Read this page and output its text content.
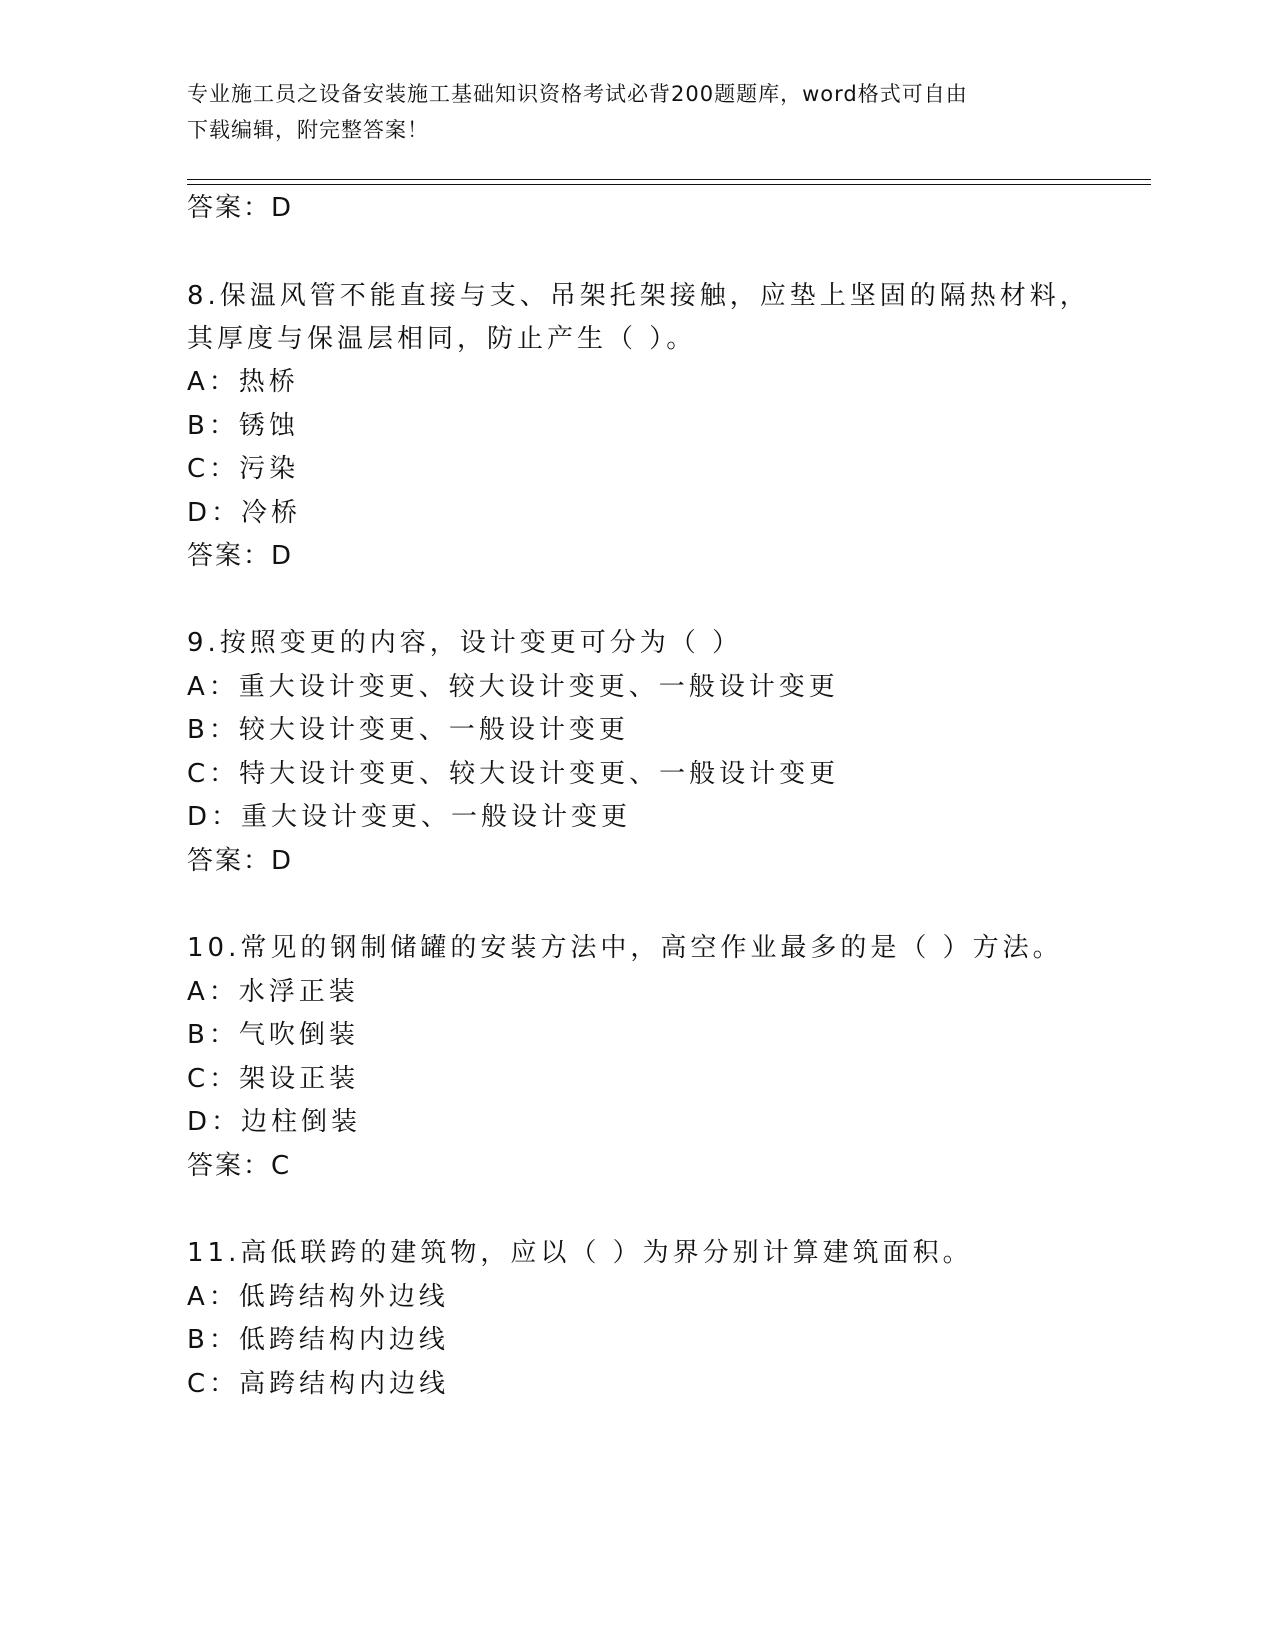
专业施工员之设备安装施工基础知识资格考试必背200题题库，word格式可自由
下载编辑，附完整答案！
答案：D
8.保温风管不能直接与支、吊架托架接触，应垫上坚固的隔热材料，
其厚度与保温层相同，防止产生（ ）。
A：热桥
B：锈蚀
C：污染
D：冷桥
答案：D
9.按照变更的内容，设计变更可分为（ ）
A：重大设计变更、较大设计变更、一般设计变更
B：较大设计变更、一般设计变更
C：特大设计变更、较大设计变更、一般设计变更
D：重大设计变更、一般设计变更
答案：D
10.常见的钢制储罐的安装方法中，高空作业最多的是（ ）方法。
A：水浮正装
B：气吹倒装
C：架设正装
D：边柱倒装
答案：C
11.高低联跨的建筑物，应以（ ）为界分别计算建筑面积。
A：低跨结构外边线
B：低跨结构内边线
C：高跨结构内边线
